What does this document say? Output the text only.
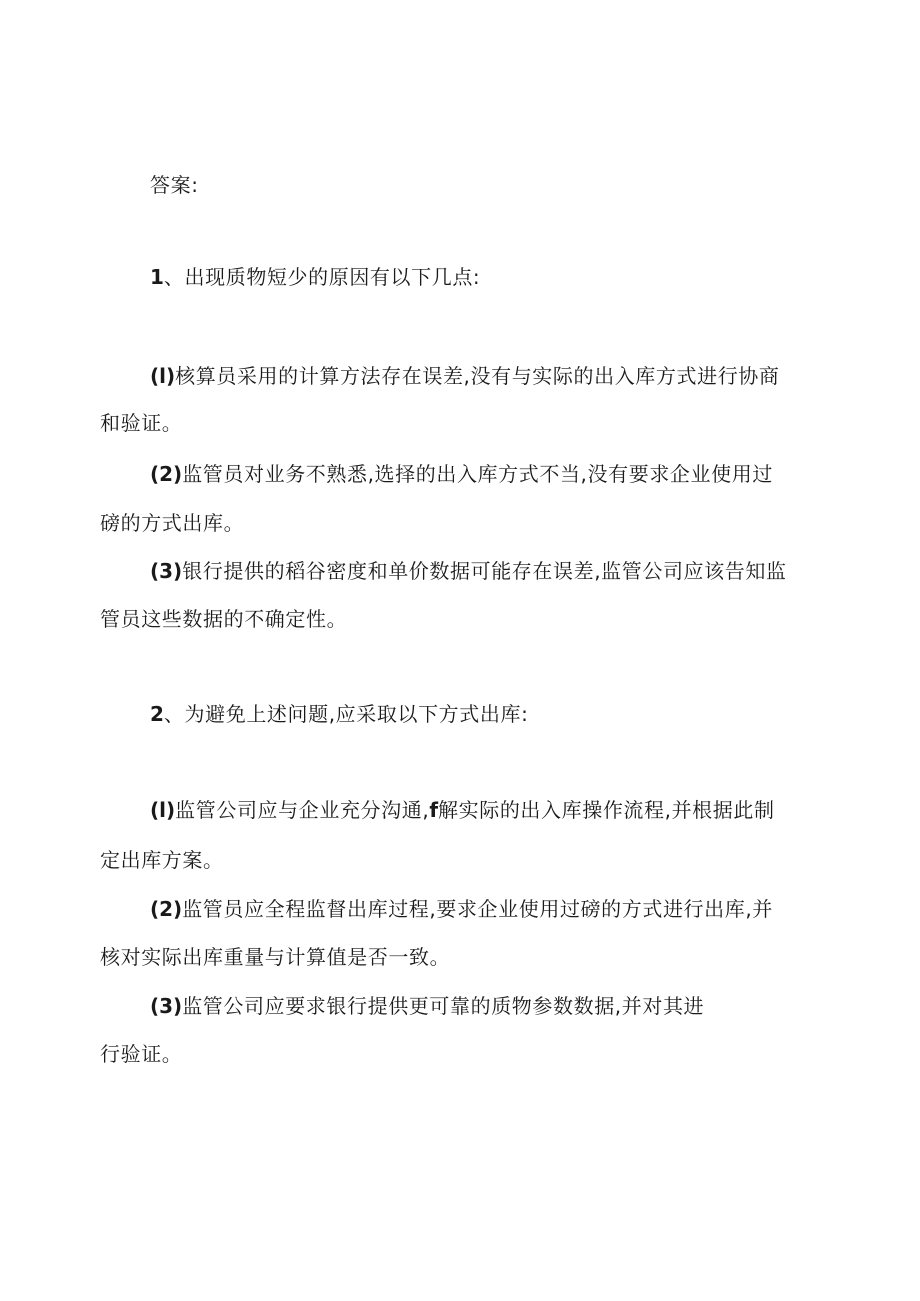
答案:
1、出现质物短少的原因有以下几点:
(l)核算员采用的计算方法存在误差,没有与实际的出入库方式进行协商
和验证。
(2)监管员对业务不熟悉,选择的出入库方式不当,没有要求企业使用过
磅的方式出库。
(3)银行提供的稻谷密度和单价数据可能存在误差,监管公司应该告知监
管员这些数据的不确定性。
2、为避免上述问题,应采取以下方式出库:
(l)监管公司应与企业充分沟通,f解实际的出入库操作流程,并根据此制
定出库方案。
(2)监管员应全程监督出库过程,要求企业使用过磅的方式进行出库,并
核对实际出库重量与计算值是否一致。
(3)监管公司应要求银行提供更可靠的质物参数数据,并对其进
行验证。
